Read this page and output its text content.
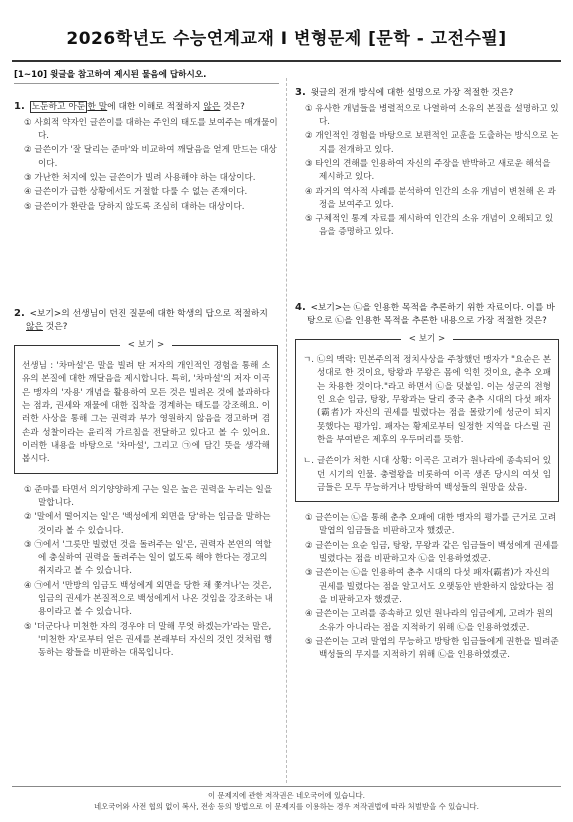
2026학년도 수능연계교재 I 변형문제 [문학 - 고전수필]
[1~10] 윗글을 참고하여 제시된 물음에 답하시오.
1. 노둔하고 아둔 한 말에 대한 이해로 적절하지 않은 것은?
① 사회적 약자인 글쓴이를 대하는 주인의 태도를 보여주는 매개물이다.
② 글쓴이가 '잘 달리는 준마'와 비교하여 깨달음을 얻게 만드는 대상이다.
③ 가난한 처지에 있는 글쓴이가 빌려 사용해야 하는 대상이다.
④ 글쓴이가 급한 상황에서도 거절할 다룰 수 없는 존재이다.
⑤ 글쓴이가 환란을 당하지 않도록 조심히 대하는 대상이다.
2. <보기>의 선생님이 던진 질문에 대한 학생의 답으로 적절하지 않은 것은?
< 보기 >
선생님 : '차마설'은 말을 빌려 탄 저자의 개인적인 경험을 통해 소유의 본질에 대한 깨달음을 제시합니다. 특히, '차마설'의 저자 이곡은 맹자의 '자용' 개념을 활용하여 모든 것은 빌려온 것에 불과하다는 점과, 권세와 재물에 대한 집착을 경계하는 태도를 강조해요. 이러한 사상을 통해 그는 권력과 부가 영원하지 않음을 경고하며 겸손과 성찰이라는 윤리적 가르침을 전달하고 있다고 볼 수 있어요. 이러한 내용을 바탕으로 '차마설', 그리고 ㉠에 담긴 뜻을 생각해 봅시다.
① 준마를 타면서 의기양양하게 구는 일은 높은 권력을 누리는 일을 말합니다.
② '말에서 떨어지는 일'은 '백성에게 외면을 당'하는 임금을 말하는 것이라 볼 수 있습니다.
③ ㉠에서 '그릇만 빌렸던 것을 돌려주는 일'은, 권력자 본연의 역할에 충실하여 권력을 돌려주는 일이 없도록 해야 한다는 경고의 취지라고 볼 수 있습니다.
④ ㉠에서 '만방의 임금도 백성에게 외면을 당한 채 쫓겨나'는 것은, 임금의 권세가 본질적으로 백성에게서 나온 것임을 강조하는 내용이라고 볼 수 있습니다.
⑤ '더군다나 미천한 자의 경우야 더 말해 무엇 하겠는가'라는 말은, '미천한 자'로부터 얻은 권세를 본래부터 자신의 것인 것처럼 행동하는 왕들을 비판하는 대목입니다.
3. 윗글의 전개 방식에 대한 설명으로 가장 적절한 것은?
① 유사한 개념들을 병렬적으로 나열하여 소유의 본질을 설명하고 있다.
② 개인적인 경험을 바탕으로 보편적인 교훈을 도출하는 방식으로 논지를 전개하고 있다.
③ 타인의 견해를 인용하여 자신의 주장을 반박하고 새로운 해석을 제시하고 있다.
④ 과거의 역사적 사례를 분석하여 인간의 소유 개념이 변천해 온 과정을 보여주고 있다.
⑤ 구체적인 통계 자료를 제시하여 인간의 소유 개념이 오해되고 있음을 증명하고 있다.
4. <보기>는 ㉡을 인용한 목적을 추론하기 위한 자료이다. 이를 바탕으로 ㉡을 인용한 목적을 추론한 내용으로 가장 적절한 것은?
< 보기 >
ㄱ. ㉡의 맥락: 민본주의적 정치사상을 주창했던 맹자가 "요순은 본성대로 한 것이요, 탕왕과 무왕은 몸에 익힌 것이요, 춘추 오패는 차용한 것이다."라고 하면서 ㉡을 덧붙임. 이는 성군의 전형인 요순 임금, 탕왕, 무왕과는 달리 중국 춘추 시대의 다섯 패자(霸者)가 자신의 권세를 빌렸다는 점을 몰랐기에 성군이 되지 못했다는 평가임. 패자는 황제로부터 일정한 지역을 다스릴 권한을 부여받은 제후의 우두머리를 뜻함.
ㄴ. 글쓴이가 처한 시대 상황: 이곡은 고려가 원나라에 종속되어 있던 시기의 인물. 충렬왕을 비롯하여 이곡 생존 당시의 여섯 임금들은 모두 무능하거나 방탕하여 백성들의 원망을 샀음.
① 글쓴이는 ㉡을 통해 춘추 오패에 대한 맹자의 평가를 근거로 고려 말엽의 임금들을 비판하고자 했겠군.
② 글쓴이는 요순 임금, 탕왕, 무왕과 같은 임금들이 백성에게 권세를 빌렸다는 점을 비판하고자 ㉡을 인용하였겠군.
③ 글쓴이는 ㉡을 인용하여 춘추 시대의 다섯 패자(霸者)가 자신의 권세를 빌렸다는 점을 알고서도 오랫동안 반환하지 않았다는 점을 비판하고자 했겠군.
④ 글쓴이는 고려를 종속하고 있던 원나라의 임금에게, 고려가 원의 소유가 아니라는 점을 지적하기 위해 ㉡을 인용하였겠군.
⑤ 글쓴이는 고려 말엽의 무능하고 방탕한 임금들에게 권한을 빌려준 백성들의 무지를 지적하기 위해 ㉡을 인용하였겠군.
이 문제지에 관한 저작권은 네오국어에 있습니다.
네오국어와 사전 협의 없이 복사, 전송 등의 방법으로 이 문제지를 이용하는 경우 저작권법에 따라 처벌받을 수 있습니다.
